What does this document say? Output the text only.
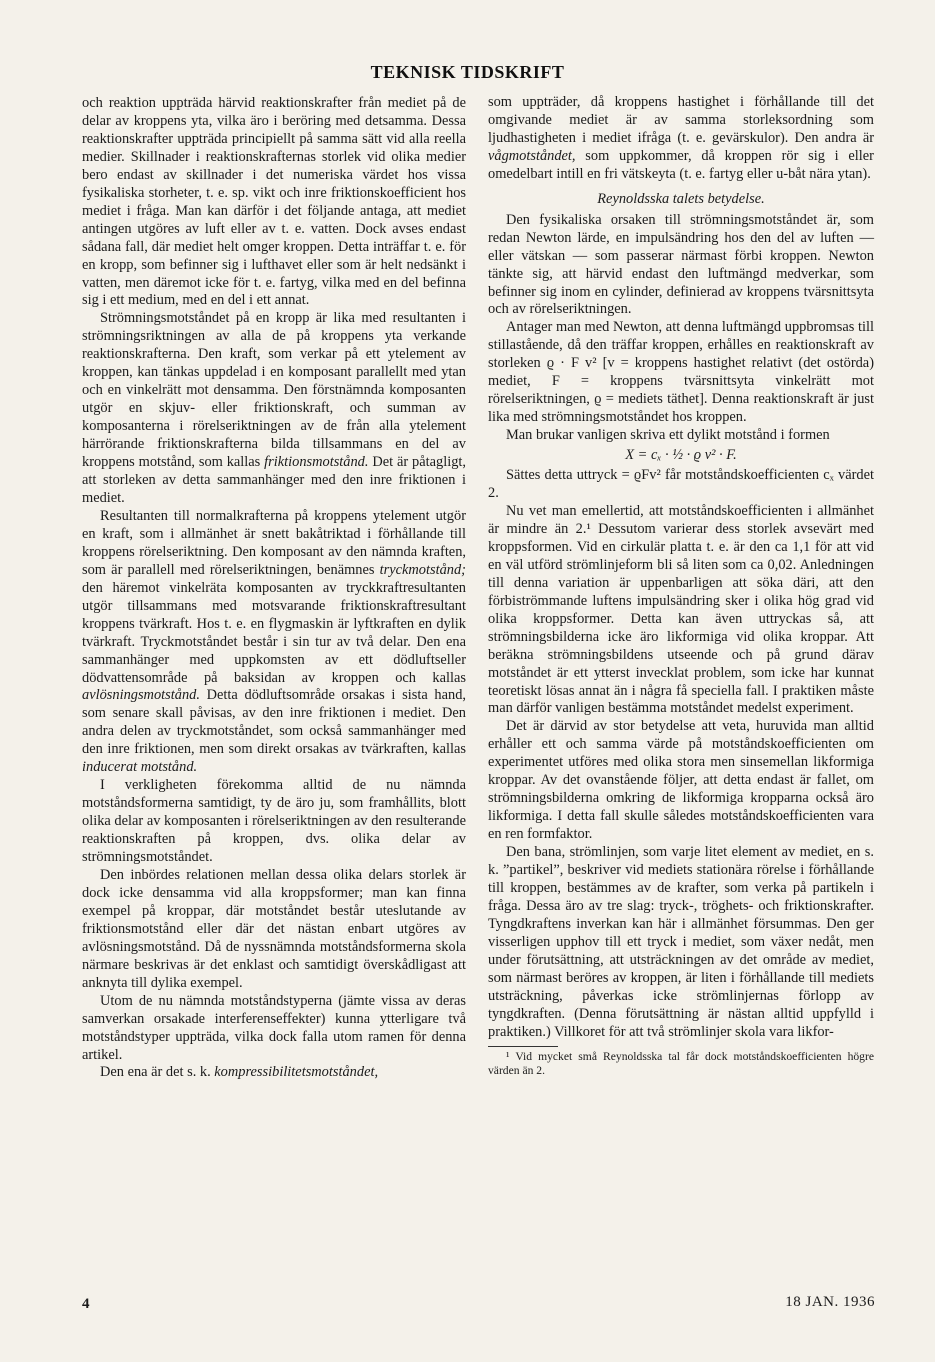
TEKNISK TIDSKRIFT

och reaktion uppträda härvid reaktionskrafter från mediet på de delar av kroppens yta, vilka äro i beröring med detsamma. Dessa reaktionskrafter uppträda principiellt på samma sätt vid alla reella medier. Skillnader i reaktionskrafternas storlek vid olika medier bero endast av skillnader i det numeriska värdet hos vissa fysikaliska storheter, t. e. sp. vikt och inre friktionskoefficient hos mediet i fråga. Man kan därför i det följande antaga, att mediet antingen utgöres av luft eller av t. e. vatten. Dock avses endast sådana fall, där mediet helt omger kroppen. Detta inträffar t. e. för en kropp, som befinner sig i lufthavet eller som är helt nedsänkt i vatten, men däremot icke för t. e. fartyg, vilka med en del befinna sig i ett medium, med en del i ett annat.

Strömningsmotståndet på en kropp är lika med resultanten i strömningsriktningen av alla de på kroppens yta verkande reaktionskrafterna. Den kraft, som verkar på ett ytelement av kroppen, kan tänkas uppdelad i en komposant parallellt med ytan och en vinkelrätt mot densamma. Den förstnämnda komposanten utgör en skjuv- eller friktionskraft, och summan av komposanterna i rörelseriktningen av de från alla ytelement härrörande friktionskrafterna bilda tillsammans en del av kroppens motstånd, som kallas friktionsmotstånd. Det är påtagligt, att storleken av detta sammanhänger med den inre friktionen i mediet.

Resultanten till normalkrafterna på kroppens ytelement utgör en kraft, som i allmänhet är snett bakåtriktad i förhållande till kroppens rörelseriktning. Den komposant av den nämnda kraften, som är parallell med rörelseriktningen, benämnes tryckmotstånd; den häremot vinkelräta komposanten av tryckkraftresultanten utgör tillsammans med motsvarande friktionskraftresultant kroppens tvärkraft. Hos t. e. en flygmaskin är lyftkraften en dylik tvärkraft. Tryckmotståndet består i sin tur av två delar. Den ena sammanhänger med uppkomsten av ett dödluftseller dödvattensområde på baksidan av kroppen och kallas avlösningsmotstånd. Detta dödluftsområde orsakas i sista hand, som senare skall påvisas, av den inre friktionen i mediet. Den andra delen av tryckmotståndet, som också sammanhänger med den inre friktionen, men som direkt orsakas av tvärkraften, kallas inducerat motstånd.

I verkligheten förekomma alltid de nu nämnda motståndsformerna samtidigt, ty de äro ju, som framhållits, blott olika delar av komposanten i rörelseriktningen av den resulterande reaktionskraften på kroppen, dvs. olika delar av strömningsmotståndet.

Den inbördes relationen mellan dessa olika delars storlek är dock icke densamma vid alla kroppsformer; man kan finna exempel på kroppar, där motståndet består uteslutande av friktionsmotstånd eller där det nästan enbart utgöres av avlösningsmotstånd. Då de nyssnämnda motståndsformerna skola närmare beskrivas är det enklast och samtidigt överskådligast att anknyta till dylika exempel.

Utom de nu nämnda motståndstyperna (jämte vissa av deras samverkan orsakade interferenseffekter) kunna ytterligare två motståndstyper uppträda, vilka dock falla utom ramen för denna artikel.

Den ena är det s. k. kompressibilitetsmotståndet,

som uppträder, då kroppens hastighet i förhållande till det omgivande mediet är av samma storleksordning som ljudhastigheten i mediet ifråga (t. e. gevärskulor). Den andra är vågmotståndet, som uppkommer, då kroppen rör sig i eller omedelbart intill en fri vätskeyta (t. e. fartyg eller u-båt nära ytan).

Reynoldsska talets betydelse.

Den fysikaliska orsaken till strömningsmotståndet är, som redan Newton lärde, en impulsändring hos den del av luften — eller vätskan — som passerar närmast förbi kroppen. Newton tänkte sig, att härvid endast den luftmängd medverkar, som befinner sig inom en cylinder, definierad av kroppens tvärsnittsyta och av rörelseriktningen.

Antager man med Newton, att denna luftmängd uppbromsas till stillastående, då den träffar kroppen, erhålles en reaktionskraft av storleken ϱ · F v² [v = kroppens hastighet relativt (det ostörda) mediet, F = kroppens tvärsnittsyta vinkelrätt mot rörelseriktningen, ϱ = mediets täthet]. Denna reaktionskraft är just lika med strömningsmotståndet hos kroppen.

Man brukar vanligen skriva ett dylikt motstånd i formen

X = cₓ · ½ · ϱ v² · F.

Sättes detta uttryck = ϱFv² får motståndskoefficienten cₓ värdet 2.

Nu vet man emellertid, att motståndskoefficienten i allmänhet är mindre än 2.¹ Dessutom varierar dess storlek avsevärt med kroppsformen. Vid en cirkulär platta t. e. är den ca 1,1 för att vid en väl utförd strömlinjeform bli så liten som ca 0,02. Anledningen till denna variation är uppenbarligen att söka däri, att den förbiströmmande luftens impulsändring sker i olika hög grad vid olika kroppsformer. Detta kan även uttryckas så, att strömningsbilderna icke äro likformiga vid olika kroppar. Att beräkna strömningsbildens utseende och på grund därav motståndet är ett ytterst invecklat problem, som icke har kunnat teoretiskt lösas annat än i några få speciella fall. I praktiken måste man därför vanligen bestämma motståndet medelst experiment.

Det är därvid av stor betydelse att veta, huruvida man alltid erhåller ett och samma värde på motståndskoefficienten om experimentet utföres med olika stora men sinsemellan likformiga kroppar. Av det ovanstående följer, att detta endast är fallet, om strömningsbilderna omkring de likformiga kropparna också äro likformiga. I detta fall skulle således motståndskoefficienten vara en ren formfaktor.

Den bana, strömlinjen, som varje litet element av mediet, en s. k. ”partikel”, beskriver vid mediets stationära rörelse i förhållande till kroppen, bestämmes av de krafter, som verka på partikeln i fråga. Dessa äro av tre slag: tryck-, tröghets- och friktionskrafter. Tyngdkraftens inverkan kan här i allmänhet försummas. Den ger visserligen upphov till ett tryck i mediet, som växer nedåt, men under förutsättning, att utsträckningen av det område av mediet, som närmast beröres av kroppen, är liten i förhållande till mediets utsträckning, påverkas icke strömlinjernas förlopp av tyngdkraften. (Denna förutsättning är nästan alltid uppfylld i praktiken.) Villkoret för att två strömlinjer skola vara likfor-

¹ Vid mycket små Reynoldsska tal får dock motståndskoefficienten högre värden än 2.

4	18 JAN. 1936
